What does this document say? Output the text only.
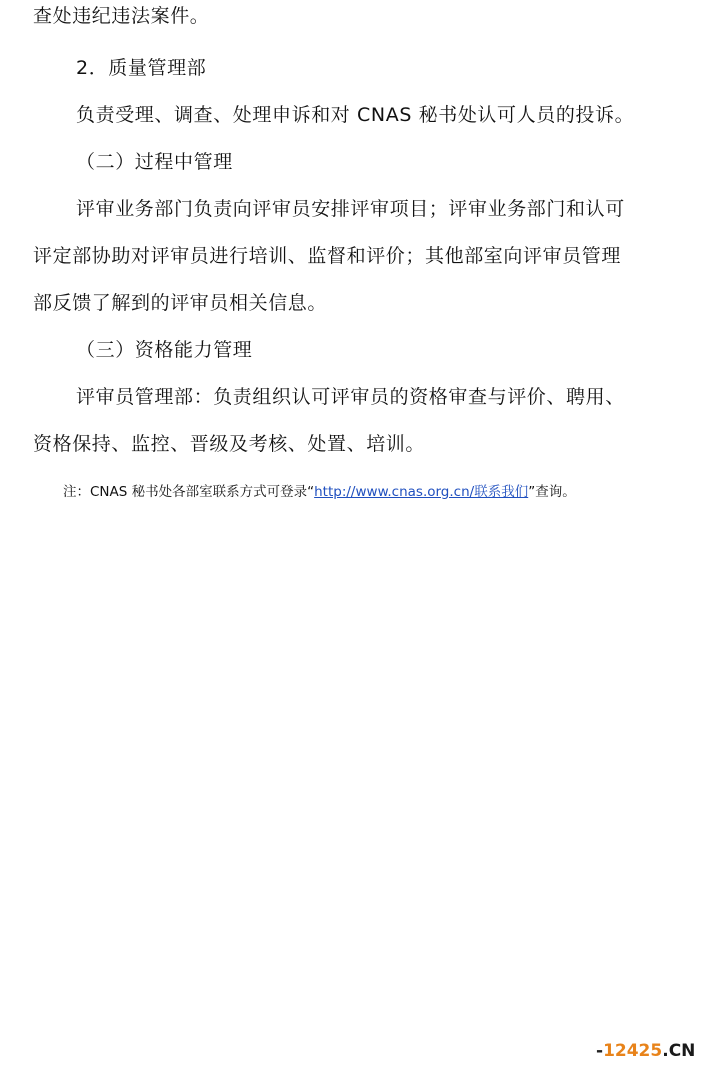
查处违纪违法案件。
2．质量管理部
负责受理、调查、处理申诉和对 CNAS 秘书处认可人员的投诉。
（二）过程中管理
评审业务部门负责向评审员安排评审项目；评审业务部门和认可
评定部协助对评审员进行培训、监督和评价；其他部室向评审员管理
部反馈了解到的评审员相关信息。
（三）资格能力管理
评审员管理部：负责组织认可评审员的资格审查与评价、聘用、
资格保持、监控、晋级及考核、处置、培训。
注：CNAS 秘书处各部室联系方式可登录“http://www.cnas.org.cn/联系我们”查询。
-12425.CN
